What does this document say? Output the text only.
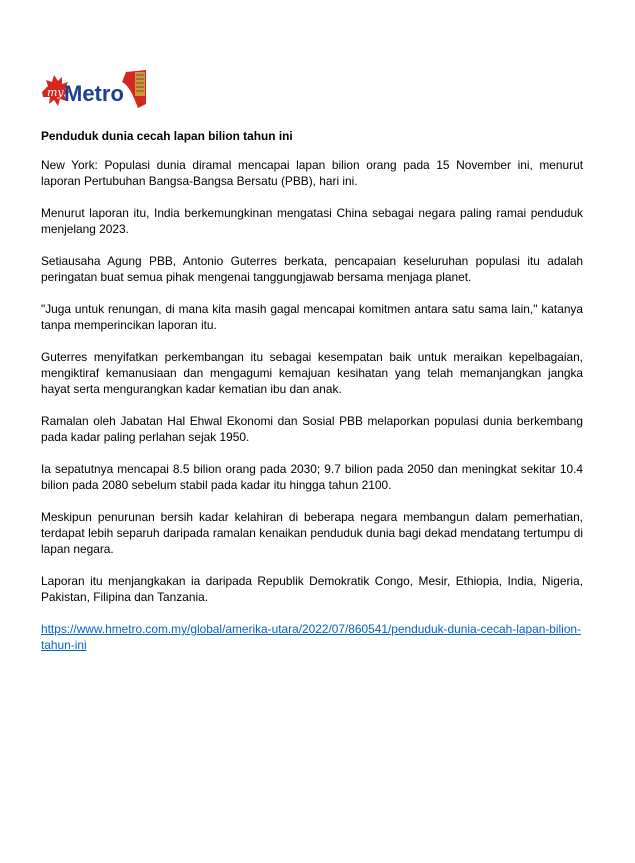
my Metro
Penduduk dunia cecah lapan bilion tahun ini

New York: Populasi dunia diramal mencapai lapan bilion orang pada 15 November ini, menurut laporan Pertubuhan Bangsa-Bangsa Bersatu (PBB), hari ini.

Menurut laporan itu, India berkemungkinan mengatasi China sebagai negara paling ramai penduduk menjelang 2023.

Setiausaha Agung PBB, Antonio Guterres berkata, pencapaian keseluruhan populasi itu adalah peringatan buat semua pihak mengenai tanggungjawab bersama menjaga planet.

"Juga untuk renungan, di mana kita masih gagal mencapai komitmen antara satu sama lain," katanya tanpa memperincikan laporan itu.

Guterres menyifatkan perkembangan itu sebagai kesempatan baik untuk meraikan kepelbagaian, mengiktiraf kemanusiaan dan mengagumi kemajuan kesihatan yang telah memanjangkan jangka hayat serta mengurangkan kadar kematian ibu dan anak.

Ramalan oleh Jabatan Hal Ehwal Ekonomi dan Sosial PBB melaporkan populasi dunia berkembang pada kadar paling perlahan sejak 1950.

Ia sepatutnya mencapai 8.5 bilion orang pada 2030; 9.7 bilion pada 2050 dan meningkat sekitar 10.4 bilion pada 2080 sebelum stabil pada kadar itu hingga tahun 2100.

Meskipun penurunan bersih kadar kelahiran di beberapa negara membangun dalam pemerhatian, terdapat lebih separuh daripada ramalan kenaikan penduduk dunia bagi dekad mendatang tertumpu di lapan negara.

Laporan itu menjangkakan ia daripada Republik Demokratik Congo, Mesir, Ethiopia, India, Nigeria, Pakistan, Filipina dan Tanzania.

https://www.hmetro.com.my/global/amerika-utara/2022/07/860541/penduduk-dunia-cecah-lapan-bilion-tahun-ini
